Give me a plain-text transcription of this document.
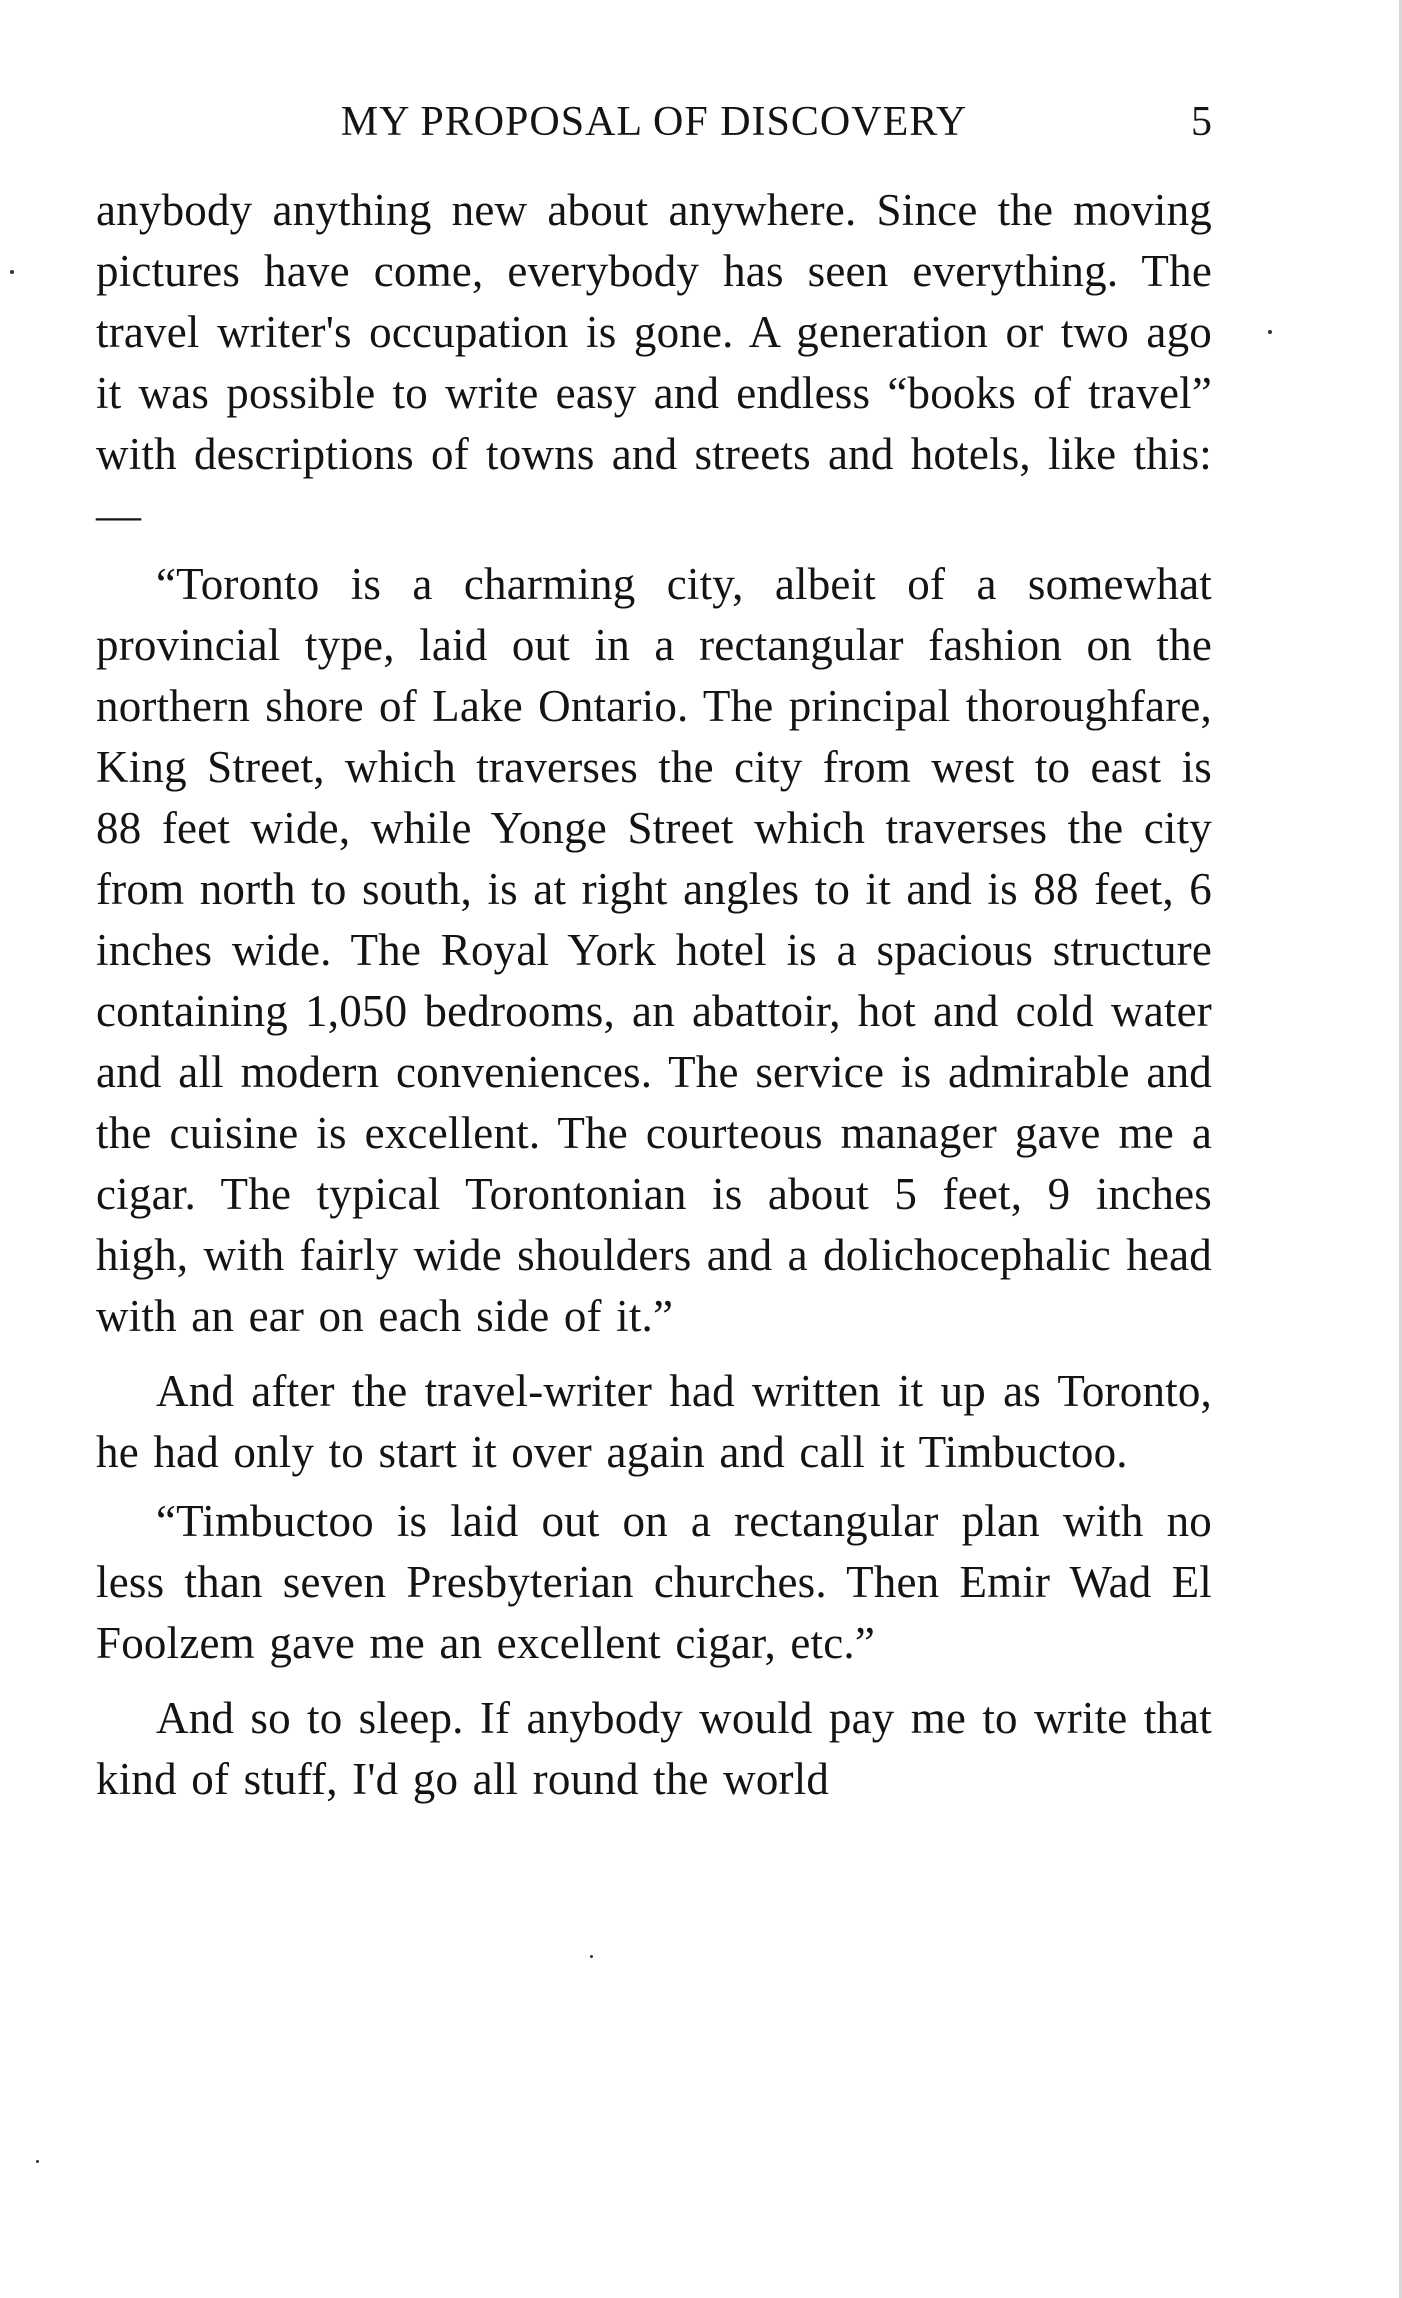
MY PROPOSAL OF DISCOVERY	5

anybody anything new about anywhere. Since the moving pictures have come, everybody has seen everything. The travel writer's occupation is gone. A generation or two ago it was possible to write easy and endless “books of travel” with descriptions of towns and streets and hotels, like this:—

“Toronto is a charming city, albeit of a somewhat provincial type, laid out in a rectangular fashion on the northern shore of Lake Ontario. The principal thoroughfare, King Street, which traverses the city from west to east is 88 feet wide, while Yonge Street which traverses the city from north to south, is at right angles to it and is 88 feet, 6 inches wide. The Royal York hotel is a spacious structure containing 1,050 bedrooms, an abattoir, hot and cold water and all modern conveniences. The service is admirable and the cuisine is excellent. The courteous manager gave me a cigar. The typical Torontonian is about 5 feet, 9 inches high, with fairly wide shoulders and a dolichocephalic head with an ear on each side of it.”

And after the travel-writer had written it up as Toronto, he had only to start it over again and call it Timbuctoo.

“Timbuctoo is laid out on a rectangular plan with no less than seven Presbyterian churches. Then Emir Wad El Foolzem gave me an excellent cigar, etc.”

And so to sleep. If anybody would pay me to write that kind of stuff, I'd go all round the world
